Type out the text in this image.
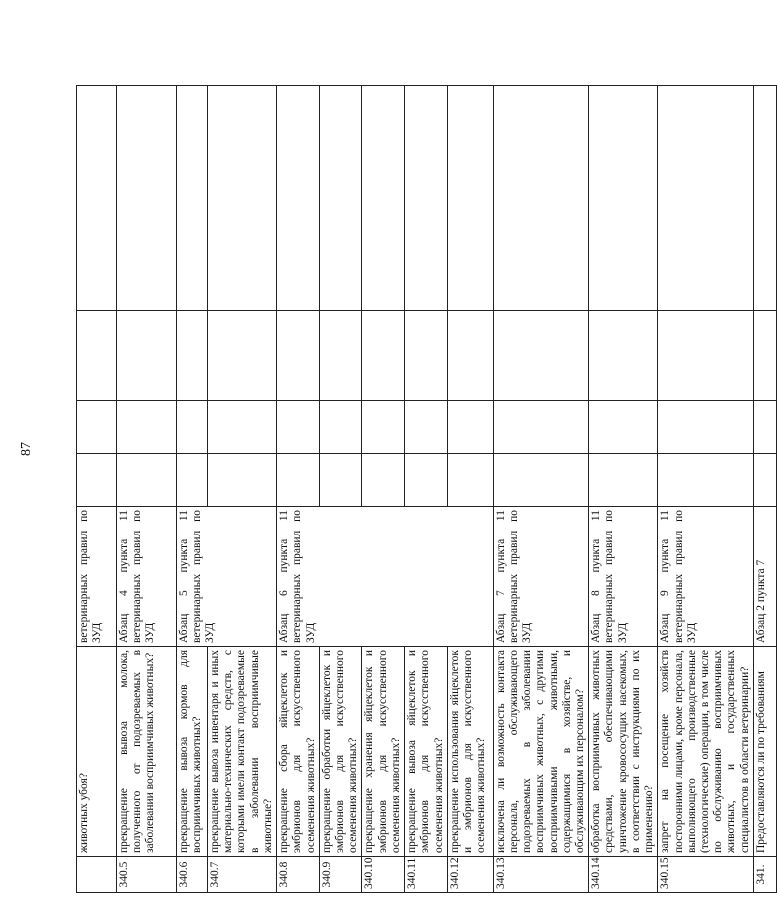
87
	животных убоя?	ветеринарных правил по ЗУД				
340.5	прекращение вывоза молока, полученного от подозреваемых в заболевании восприимчивых животных?	Абзац 4 пункта 11 ветеринарных правил по ЗУД				
340.6	прекращение вывоза кормов для восприимчивых животных?	Абзац 5 пункта 11 ветеринарных правил по ЗУД				
340.7	прекращение вывоза инвентаря и иных материально-технических средств, с которыми имели контакт подозреваемые в заболевании восприимчивые животные?					
340.8	прекращение сбора яйцеклеток и эмбрионов для искусственного осеменения животных?	Абзац 6 пункта 11 ветеринарных правил по ЗУД				
340.9	прекращение обработки яйцеклеток и эмбрионов для искусственного осеменения животных?					
340.10	прекращение хранения яйцеклеток и эмбрионов для искусственного осеменения животных?					
340.11	прекращение вывоза яйцеклеток и эмбрионов для искусственного осеменения животных?					
340.12	прекращение использования яйцеклеток и эмбрионов для искусственного осеменения животных?					
340.13	исключена ли возможность контакта персонала, обслуживающего подозреваемых в заболевании восприимчивых животных, с другими восприимчивыми животными, содержащимися в хозяйстве, и обслуживающим их персоналом?	Абзац 7 пункта 11 ветеринарных правил по ЗУД				
340.14	обработка восприимчивых животных средствами, обеспечивающими уничтожение кровососущих насекомых, в соответствии с инструкциями по их применению?	Абзац 8 пункта 11 ветеринарных правил по ЗУД				
340.15	запрет на посещение хозяйств посторонними лицами, кроме персонала, выполняющего производственные (технологические) операции, в том числе по обслуживанию восприимчивых животных, и государственных специалистов в области ветеринарии?	Абзац 9 пункта 11 ветеринарных правил по ЗУД				
341.	Предоставляются ли по требованиям	Абзац 2 пункта 7				
